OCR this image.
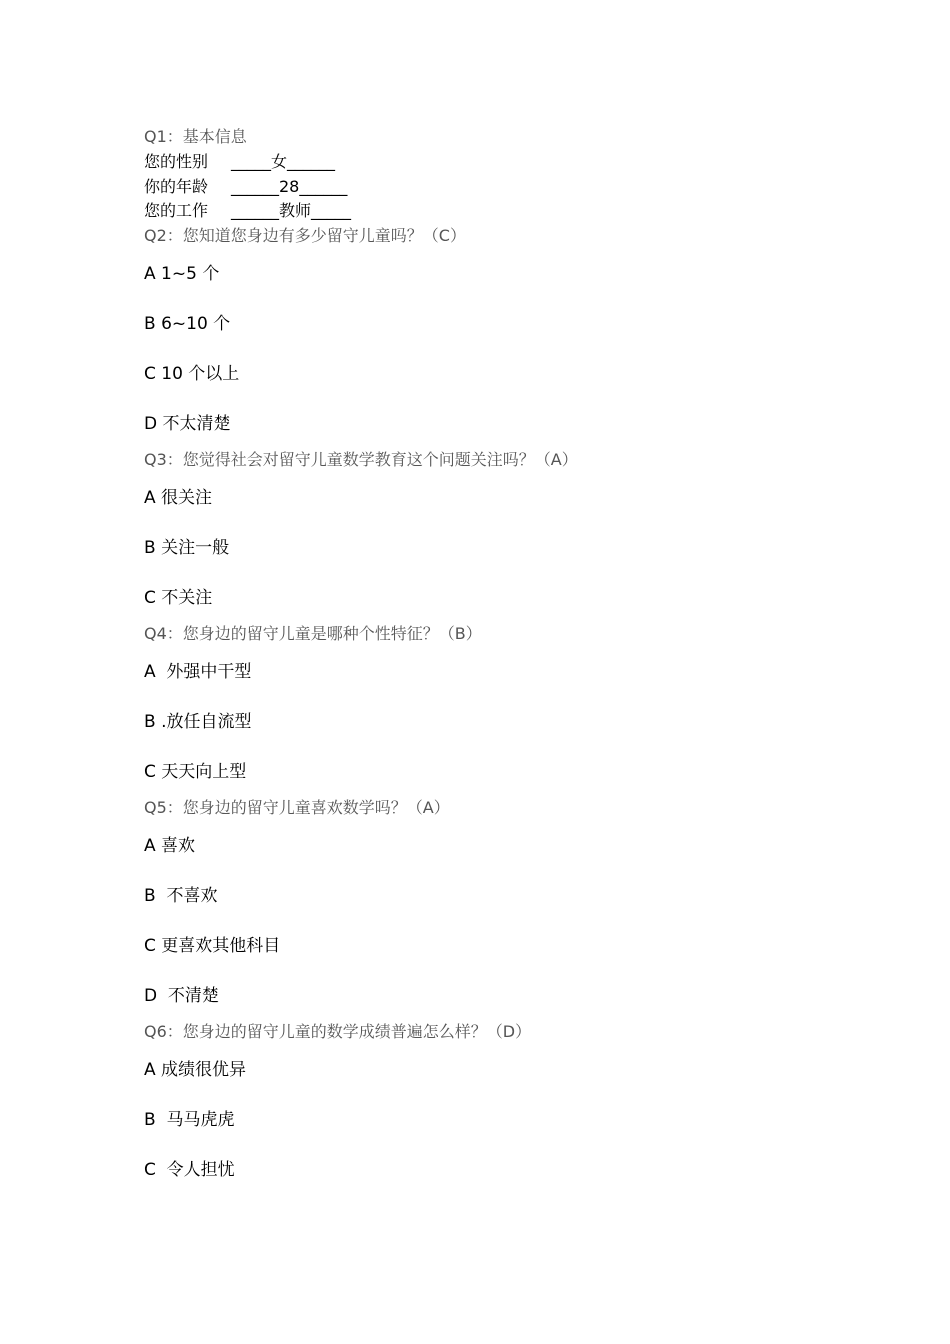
Q1：基本信息
您的性别 _____女______
你的年龄 ______28______
您的工作 ______教师_____
Q2：您知道您身边有多少留守儿童吗？（C）
A 1~5 个
B 6~10 个
C 10 个以上
D 不太清楚
Q3：您觉得社会对留守儿童数学教育这个问题关注吗？（A）
A 很关注
B 关注一般
C 不关注
Q4：您身边的留守儿童是哪种个性特征？（B）
A  外强中干型
B .放任自流型
C 天天向上型
Q5：您身边的留守儿童喜欢数学吗？（A）
A 喜欢
B  不喜欢
C 更喜欢其他科目
D  不清楚
Q6：您身边的留守儿童的数学成绩普遍怎么样？（D）
A 成绩很优异
B  马马虎虎
C  令人担忧
